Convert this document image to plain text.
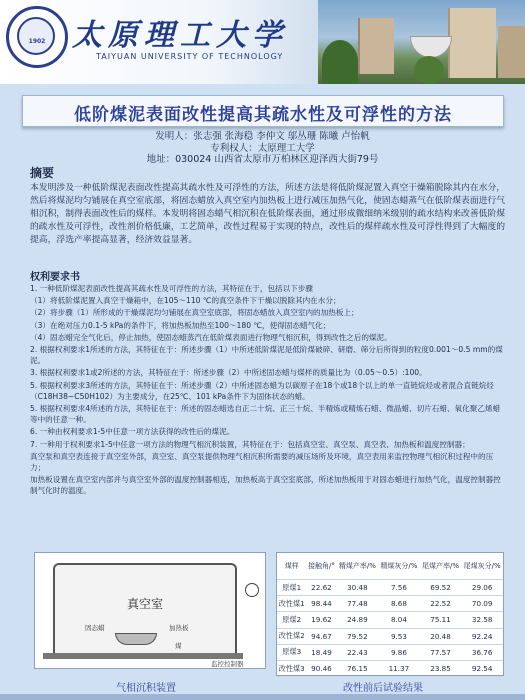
1902 太原理工大学
TAIYUAN UNIVERSITY OF TECHNOLOGY
低阶煤泥表面改性提高其疏水性及可浮性的方法
发明人：张志强 张海稳 李仲文 邬丛珊 陈曦 卢怡帆
专利权人：太原理工大学
地址：030024 山西省太原市万柏林区迎泽西大街79号
摘要

本发明涉及一种低阶煤泥表面改性提高其疏水性及可浮性的方法，所述方法是将低阶煤泥置入真空干燥箱脱除其内在水分，然后将煤泥均匀铺展在真空室底部，将固态蜡放入真空室内加热板上进行减压加热气化，使固态蜡蒸气在低阶煤表面进行气相沉积，制得表面改性后的煤样。本发明将固态蜡气相沉积在低阶煤表面，通过形成微细纳米级别的疏水结构来改善低阶煤的疏水性及可浮性，改性剂价格低廉，工艺简单，改性过程易于实现的特点，改性后的煤样疏水性及可浮性得到了大幅度的提高，浮选产率提高显著，经济效益显著。

权利要求书

1. 一种低阶煤泥表面改性提高其疏水性及可浮性的方法，其特征在于，包括以下步骤

（1）将低阶煤泥置入真空干燥箱中，在105～110 ℃的真空条件下干燥以脱除其内在水分；

（2）将步骤（1）所形成的干燥煤泥均匀铺展在真空室底部，将固态蜡放入真空室内的加热板上；

（3）在绝对压力0.1-5 kPa的条件下，将加热板加热至100～180 ℃，使得固态蜡气化；

（4）固态蜡完全气化后，停止加热，使固态蜡蒸汽在低阶煤表面进行物理气相沉积，得到改性之后的煤泥。

2. 根据权利要求1所述的方法，其特征在于：所述步骤（1）中所述低阶煤泥是低阶煤破碎、研磨、筛分后所得到的粒度0.001～0.5 mm的煤泥。

3. 根据权利要求1或2所述的方法，其特征在于：所述步骤（2）中所述固态蜡与煤样的质量比为（0.05～0.5）:100。

5. 根据权利要求3所述的方法，其特征在于：所述步骤（2）中所述固态蜡为以碳原子在18个或18个以上的单一直链烷烃或者混合直链烷烃（C18H38~C50H102）为主要成分，在25℃、101 kPa条件下为固体状态的蜡。

5. 根据权利要求4所述的方法，其特征在于：所述的固态蜡选自正二十烷、正三十烷、半精炼或精炼石蜡、微晶蜡、切片石蜡、氧化聚乙烯蜡等中的任意一种。

6. 一种由权利要求1-5中任意一项方法获得的改性后的煤泥。

7. 一种用于权利要求1-5中任意一项方法的物理气相沉积装置，其特征在于：包括真空室、真空泵、真空表、加热板和温度控制器；

真空泵和真空表连接于真空室外部，真空室、真空泵提供物理气相沉积所需要的减压场所及环境，真空表用来监控物理气相沉积过程中的压力；

加热板设置在真空室内部并与真空室外部的温度控制器相连，加热板高于真空室底部，所述加热板用于对固态蜡进行加热气化，温度控制器控制气化时的温度。

真空室
固态蜡	加热板
煤
监控控制器
煤样	接触角/°	精煤产率/%	精煤灰分/%	尾煤产率/%	尾煤灰分/%
原煤1	22.62	30.48	7.56	69.52	29.06
改性煤1	98.44	77.48	8.68	22.52	70.09
原煤2	19.62	24.89	8.04	75.11	32.58
改性煤2	94.67	79.52	9.53	20.48	92.24
原煤3	18.49	22.43	9.86	77.57	36.76
改性煤3	90.46	76.15	11.37	23.85	92.54
气相沉积装置	改性前后试验结果
